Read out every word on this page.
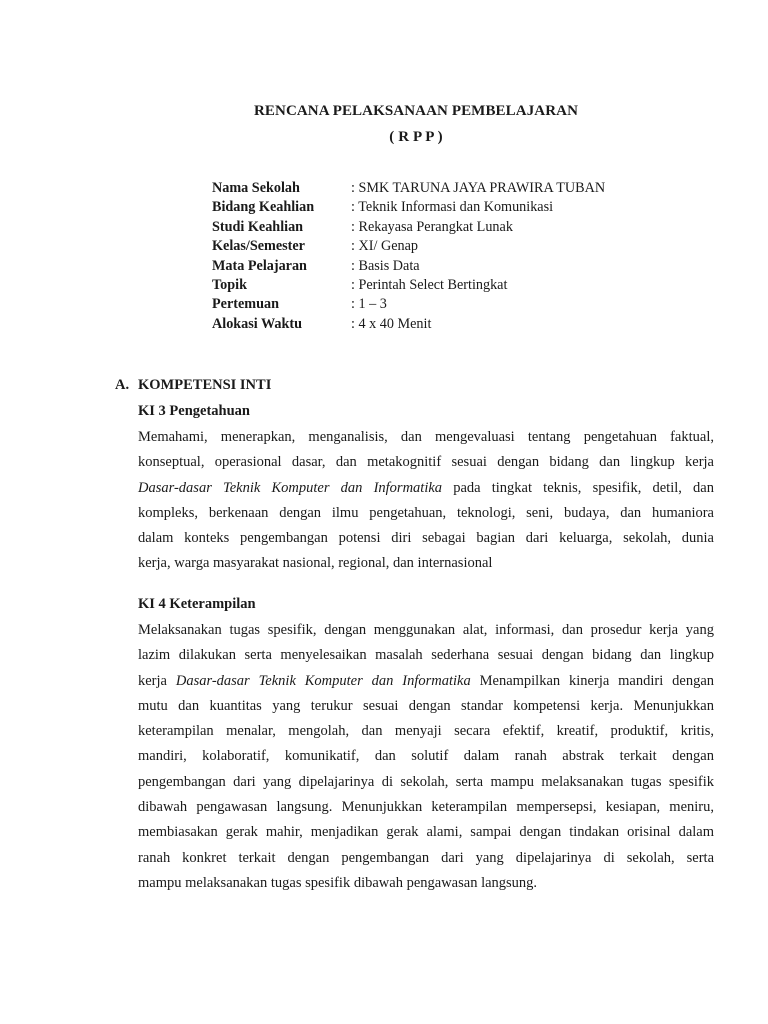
RENCANA PELAKSANAAN PEMBELAJARAN
( R P P )
Nama Sekolah	: SMK TARUNA JAYA PRAWIRA TUBAN
Bidang Keahlian	: Teknik Informasi dan Komunikasi
Studi Keahlian	: Rekayasa Perangkat Lunak
Kelas/Semester	: XI/ Genap
Mata Pelajaran	: Basis Data
Topik	: Perintah Select Bertingkat
Pertemuan	: 1 – 3
Alokasi Waktu	: 4 x 40 Menit
A. KOMPETENSI INTI
KI 3 Pengetahuan
Memahami, menerapkan, menganalisis, dan mengevaluasi tentang pengetahuan faktual,
konseptual, operasional dasar, dan metakognitif sesuai dengan bidang dan lingkup kerja
Dasar-dasar Teknik Komputer dan Informatika pada tingkat teknis, spesifik, detil, dan
kompleks, berkenaan dengan ilmu pengetahuan, teknologi, seni, budaya, dan humaniora
dalam konteks pengembangan potensi diri sebagai bagian dari keluarga, sekolah, dunia
kerja, warga masyarakat nasional, regional, dan internasional
KI 4 Keterampilan
Melaksanakan tugas spesifik, dengan menggunakan alat, informasi, dan prosedur kerja yang
lazim dilakukan serta menyelesaikan masalah sederhana sesuai dengan bidang dan lingkup
kerja Dasar-dasar Teknik Komputer dan Informatika Menampilkan kinerja mandiri dengan
mutu dan kuantitas yang terukur sesuai dengan standar kompetensi kerja. Menunjukkan
keterampilan menalar, mengolah, dan menyaji secara efektif, kreatif, produktif, kritis,
mandiri, kolaboratif, komunikatif, dan solutif dalam ranah abstrak terkait dengan
pengembangan dari yang dipelajarinya di sekolah, serta mampu melaksanakan tugas spesifik
dibawah pengawasan langsung. Menunjukkan keterampilan mempersepsi, kesiapan, meniru,
membiasakan gerak mahir, menjadikan gerak alami, sampai dengan tindakan orisinal dalam
ranah konkret terkait dengan pengembangan dari yang dipelajarinya di sekolah, serta
mampu melaksanakan tugas spesifik dibawah pengawasan langsung.
